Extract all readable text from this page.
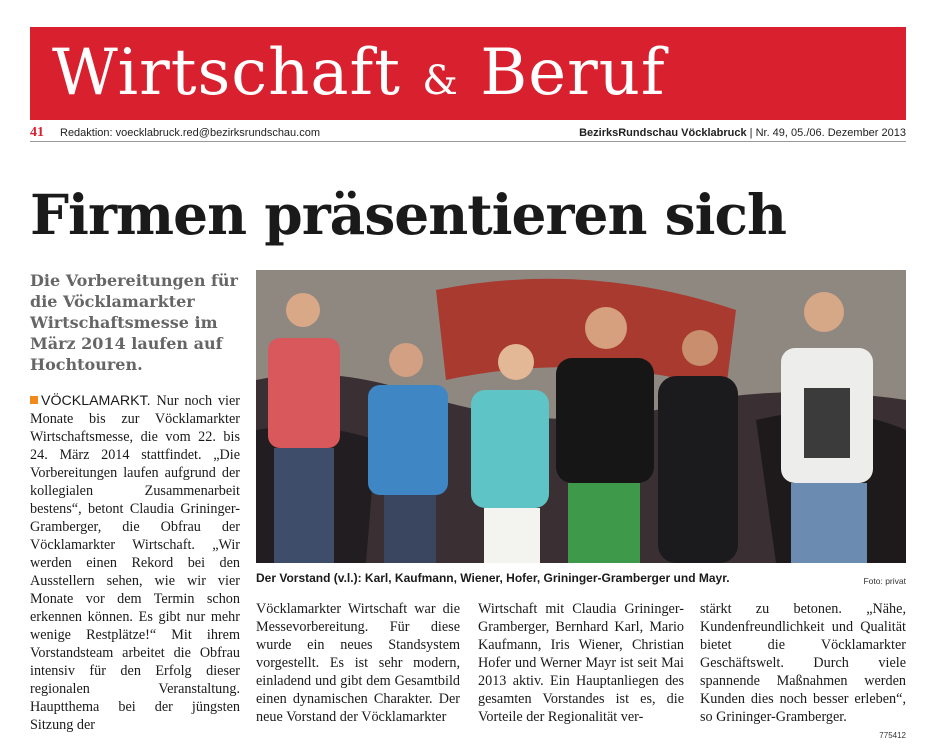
Wirtschaft & Beruf
41 Redaktion: voecklabruck.red@bezirksrundschau.com	BezirksRundschau Vöcklabruck | Nr. 49, 05./06. Dezember 2013
Firmen präsentieren sich

Die Vorbereitungen für die Vöcklamarkter Wirtschaftsmesse im März 2014 laufen auf Hochtouren.

VÖCKLAMARKT. Nur noch vier Monate bis zur Vöcklamarkter Wirtschaftsmesse, die vom 22. bis 24. März 2014 stattfindet. „Die Vorbereitungen laufen aufgrund der kollegialen Zusammenarbeit bestens“, betont Claudia Grininger-Gramberger, die Obfrau der Vöcklamarkter Wirtschaft. „Wir werden einen Rekord bei den Ausstellern sehen, wie wir vier Monate vor dem Termin schon erkennen können. Es gibt nur mehr wenige Restplätze!“ Mit ihrem Vorstandsteam arbeitet die Obfrau intensiv für den Erfolg dieser regionalen Veranstaltung. Hauptthema bei der jüngsten Sitzung der

Der Vorstand (v.l.): Karl, Kaufmann, Wiener, Hofer, Grininger-Gramberger und Mayr.	Foto: privat

Vöcklamarkter Wirtschaft war die Messevorbereitung. Für diese wurde ein neues Standsystem vorgestellt. Es ist sehr modern, einladend und gibt dem Gesamtbild einen dynamischen Charakter. Der neue Vorstand der Vöcklamarkter

Wirtschaft mit Claudia Grininger-Gramberger, Bernhard Karl, Mario Kaufmann, Iris Wiener, Christian Hofer und Werner Mayr ist seit Mai 2013 aktiv. Ein Hauptanliegen des gesamten Vorstandes ist es, die Vorteile der Regionalität ver-

stärkt zu betonen. „Nähe, Kundenfreundlichkeit und Qualität bietet die Vöcklamarkter Geschäftswelt. Durch viele spannende Maßnahmen werden Kunden dies noch besser erleben“, so Grininger-Gramberger.

775412
